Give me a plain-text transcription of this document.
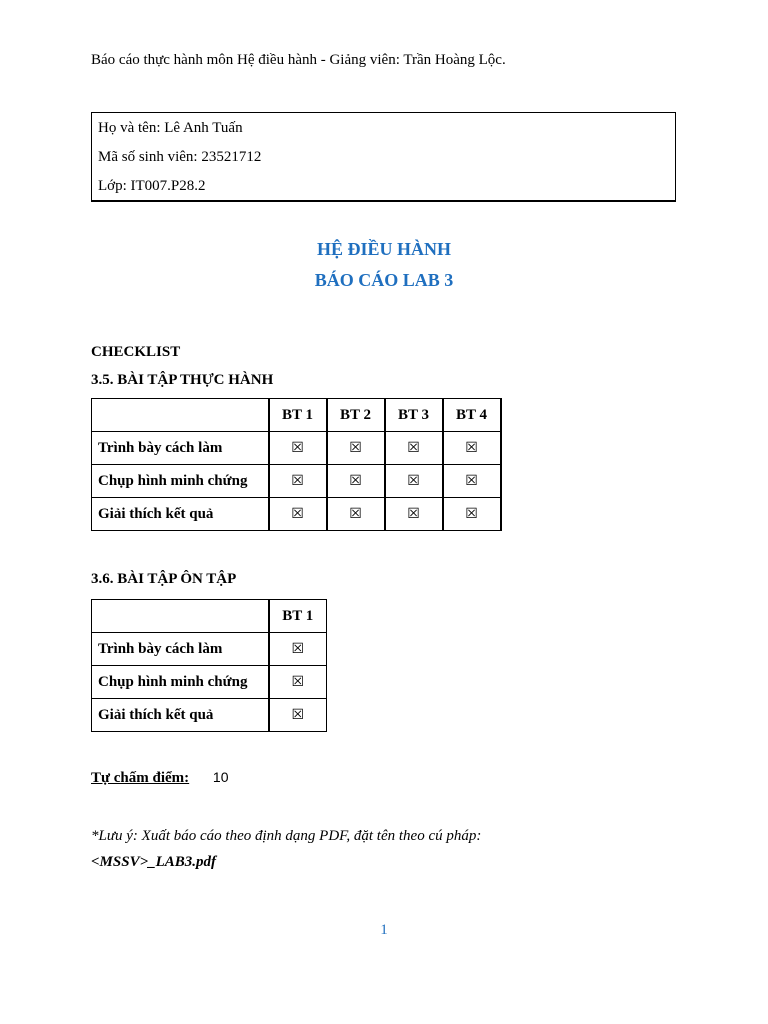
Báo cáo thực hành môn Hệ điều hành - Giảng viên: Trần Hoàng Lộc.
Họ và tên: Lê Anh Tuấn
Mã số sinh viên: 23521712
Lớp: IT007.P28.2
HỆ ĐIỀU HÀNH
BÁO CÁO LAB 3
CHECKLIST
3.5. BÀI TẬP THỰC HÀNH
	BT 1	BT 2	BT 3	BT 4
Trình bày cách làm	☒	☒	☒	☒
Chụp hình minh chứng	☒	☒	☒	☒
Giải thích kết quả	☒	☒	☒	☒
3.6. BÀI TẬP ÔN TẬP
	BT 1
Trình bày cách làm	☒
Chụp hình minh chứng	☒
Giải thích kết quả	☒
Tự chấm điểm: 10
*Lưu ý: Xuất báo cáo theo định dạng PDF, đặt tên theo cú pháp:
<MSSV>_LAB3.pdf
1
